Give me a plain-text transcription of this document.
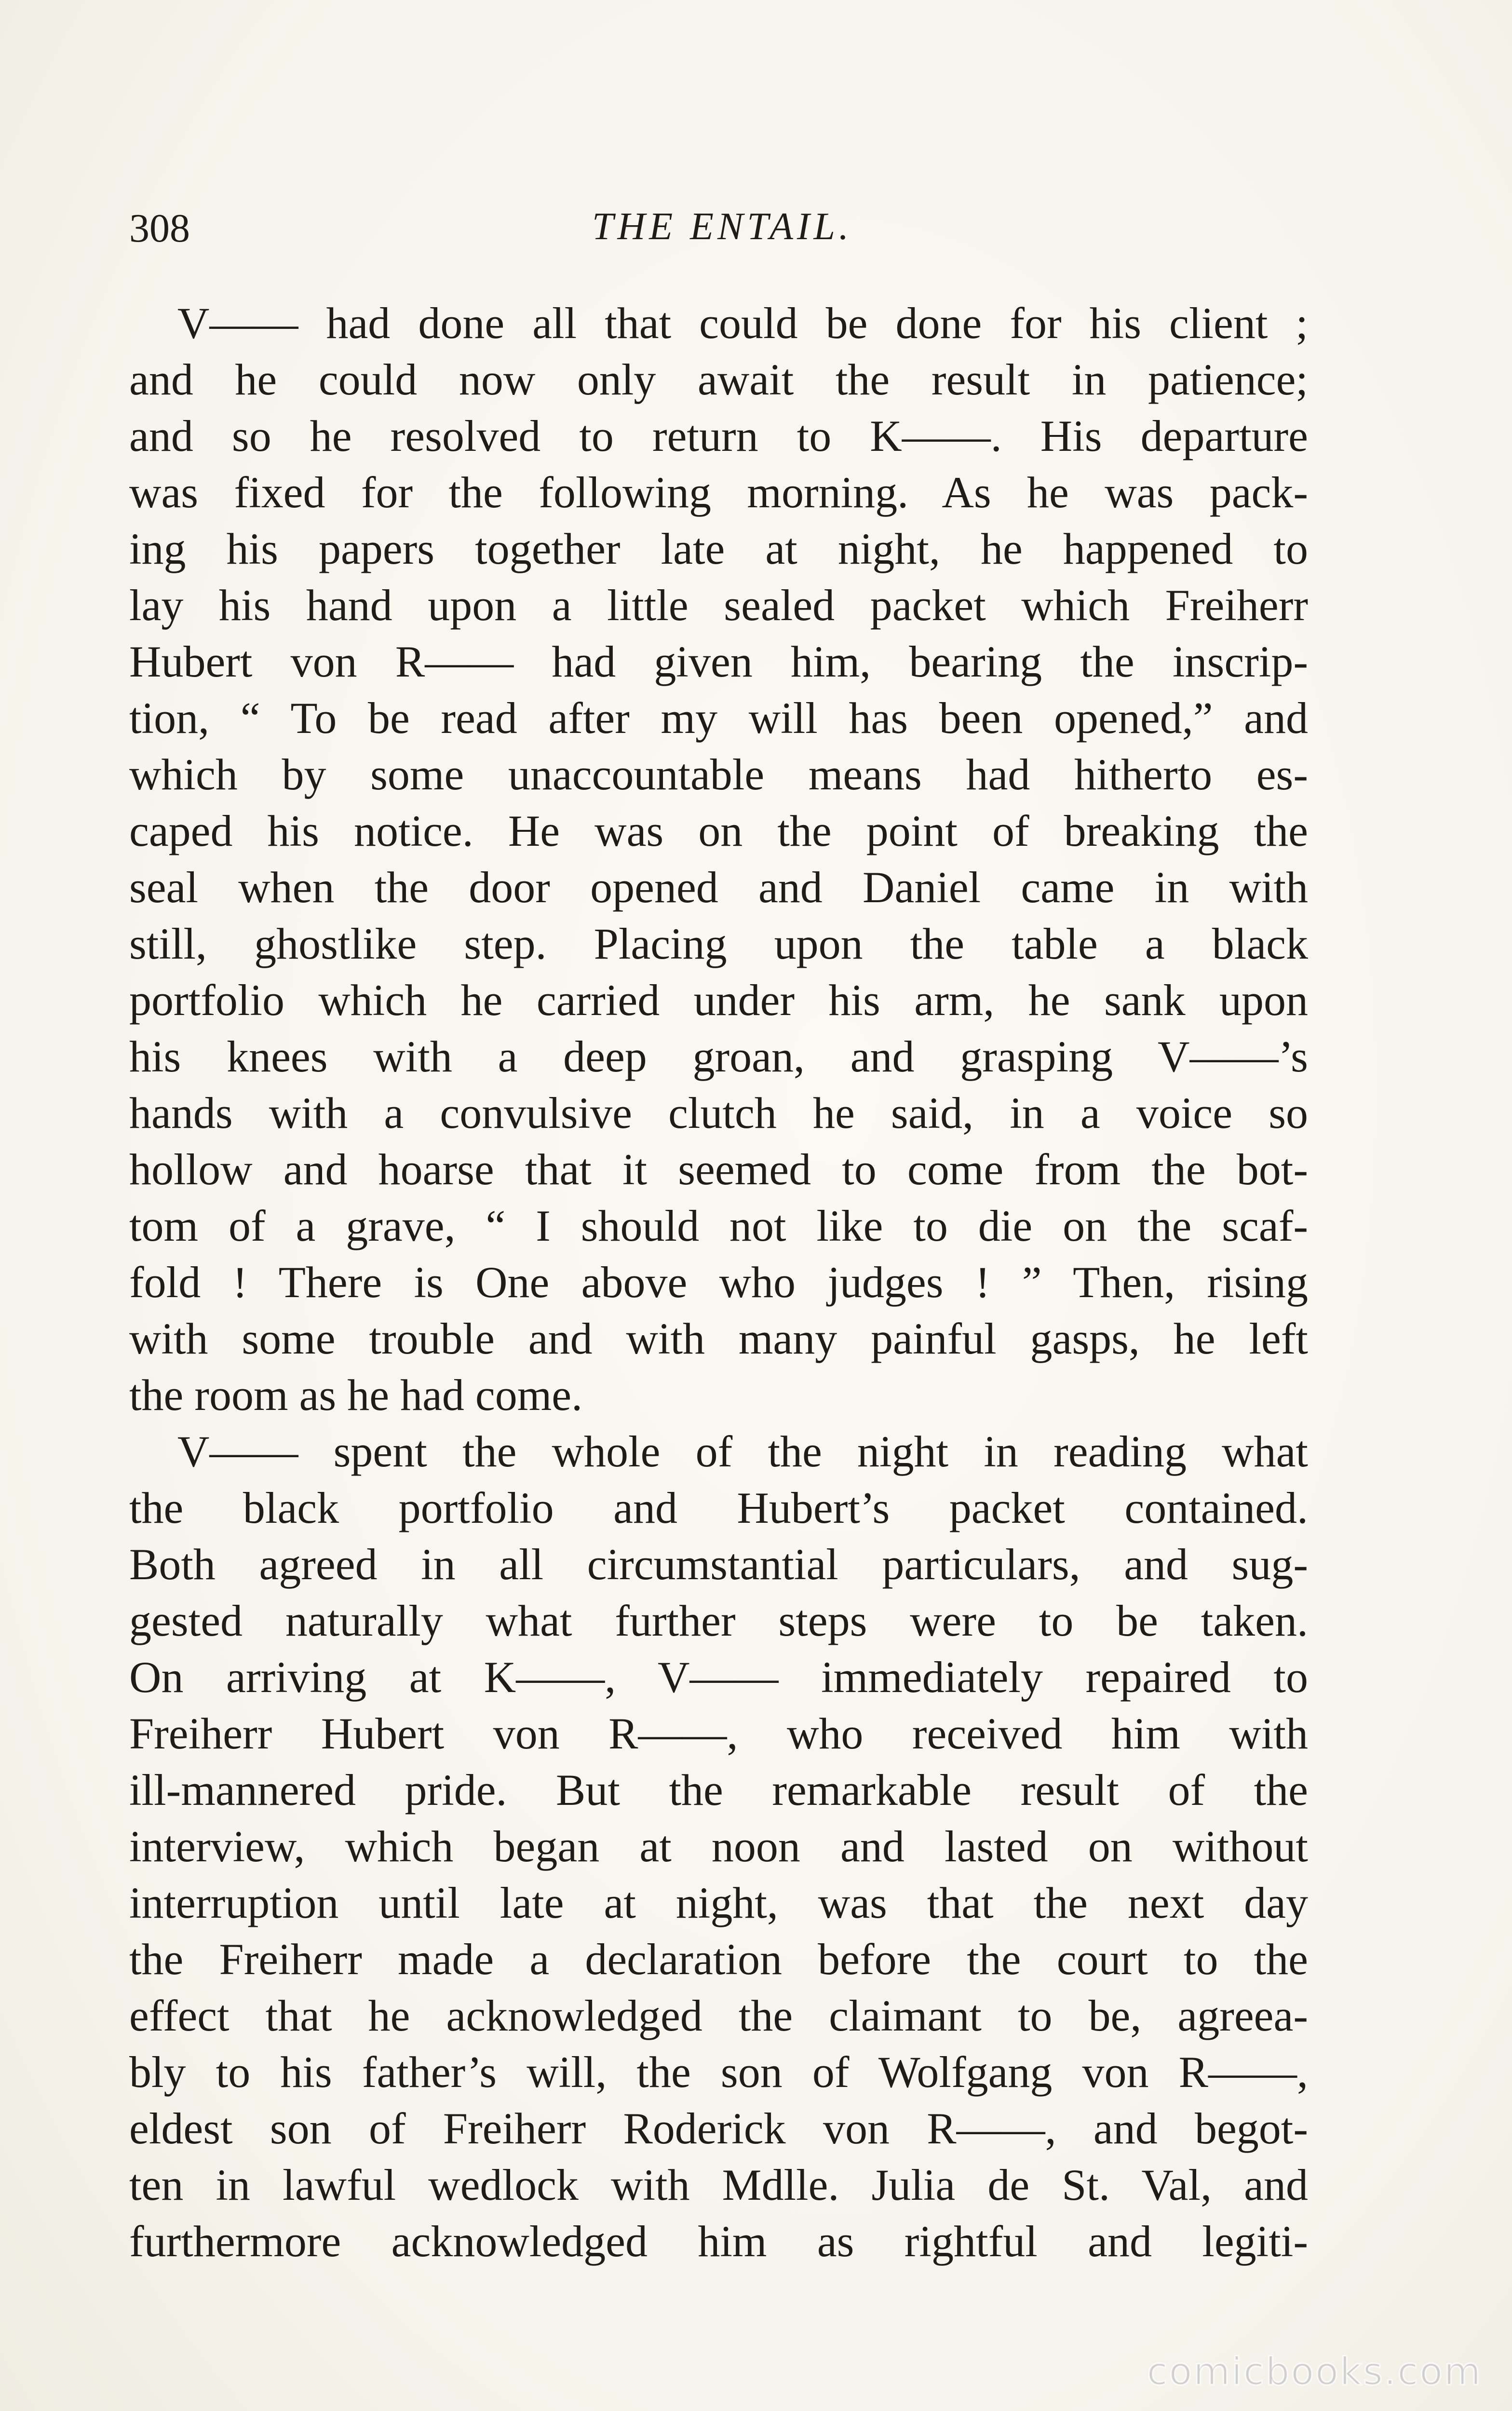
308	THE ENTAIL.
V—— had done all that could be done for his client ;
and he could now only await the result in patience;
and so he resolved to return to K——. His departure
was fixed for the following morning. As he was pack-
ing his papers together late at night, he happened to
lay his hand upon a little sealed packet which Freiherr
Hubert von R—— had given him, bearing the inscrip-
tion, “ To be read after my will has been opened,” and
which by some unaccountable means had hitherto es-
caped his notice. He was on the point of breaking the
seal when the door opened and Daniel came in with
still, ghostlike step. Placing upon the table a black
portfolio which he carried under his arm, he sank upon
his knees with a deep groan, and grasping V——’s
hands with a convulsive clutch he said, in a voice so
hollow and hoarse that it seemed to come from the bot-
tom of a grave, “ I should not like to die on the scaf-
fold ! There is One above who judges ! ” Then, rising
with some trouble and with many painful gasps, he left
the room as he had come.
V—— spent the whole of the night in reading what
the black portfolio and Hubert’s packet contained.
Both agreed in all circumstantial particulars, and sug-
gested naturally what further steps were to be taken.
On arriving at K——, V—— immediately repaired to
Freiherr Hubert von R——, who received him with
ill-mannered pride. But the remarkable result of the
interview, which began at noon and lasted on without
interruption until late at night, was that the next day
the Freiherr made a declaration before the court to the
effect that he acknowledged the claimant to be, agreea-
bly to his father’s will, the son of Wolfgang von R——,
eldest son of Freiherr Roderick von R——, and begot-
ten in lawful wedlock with Mdlle. Julia de St. Val, and
furthermore acknowledged him as rightful and legiti-
comicbooks.com
